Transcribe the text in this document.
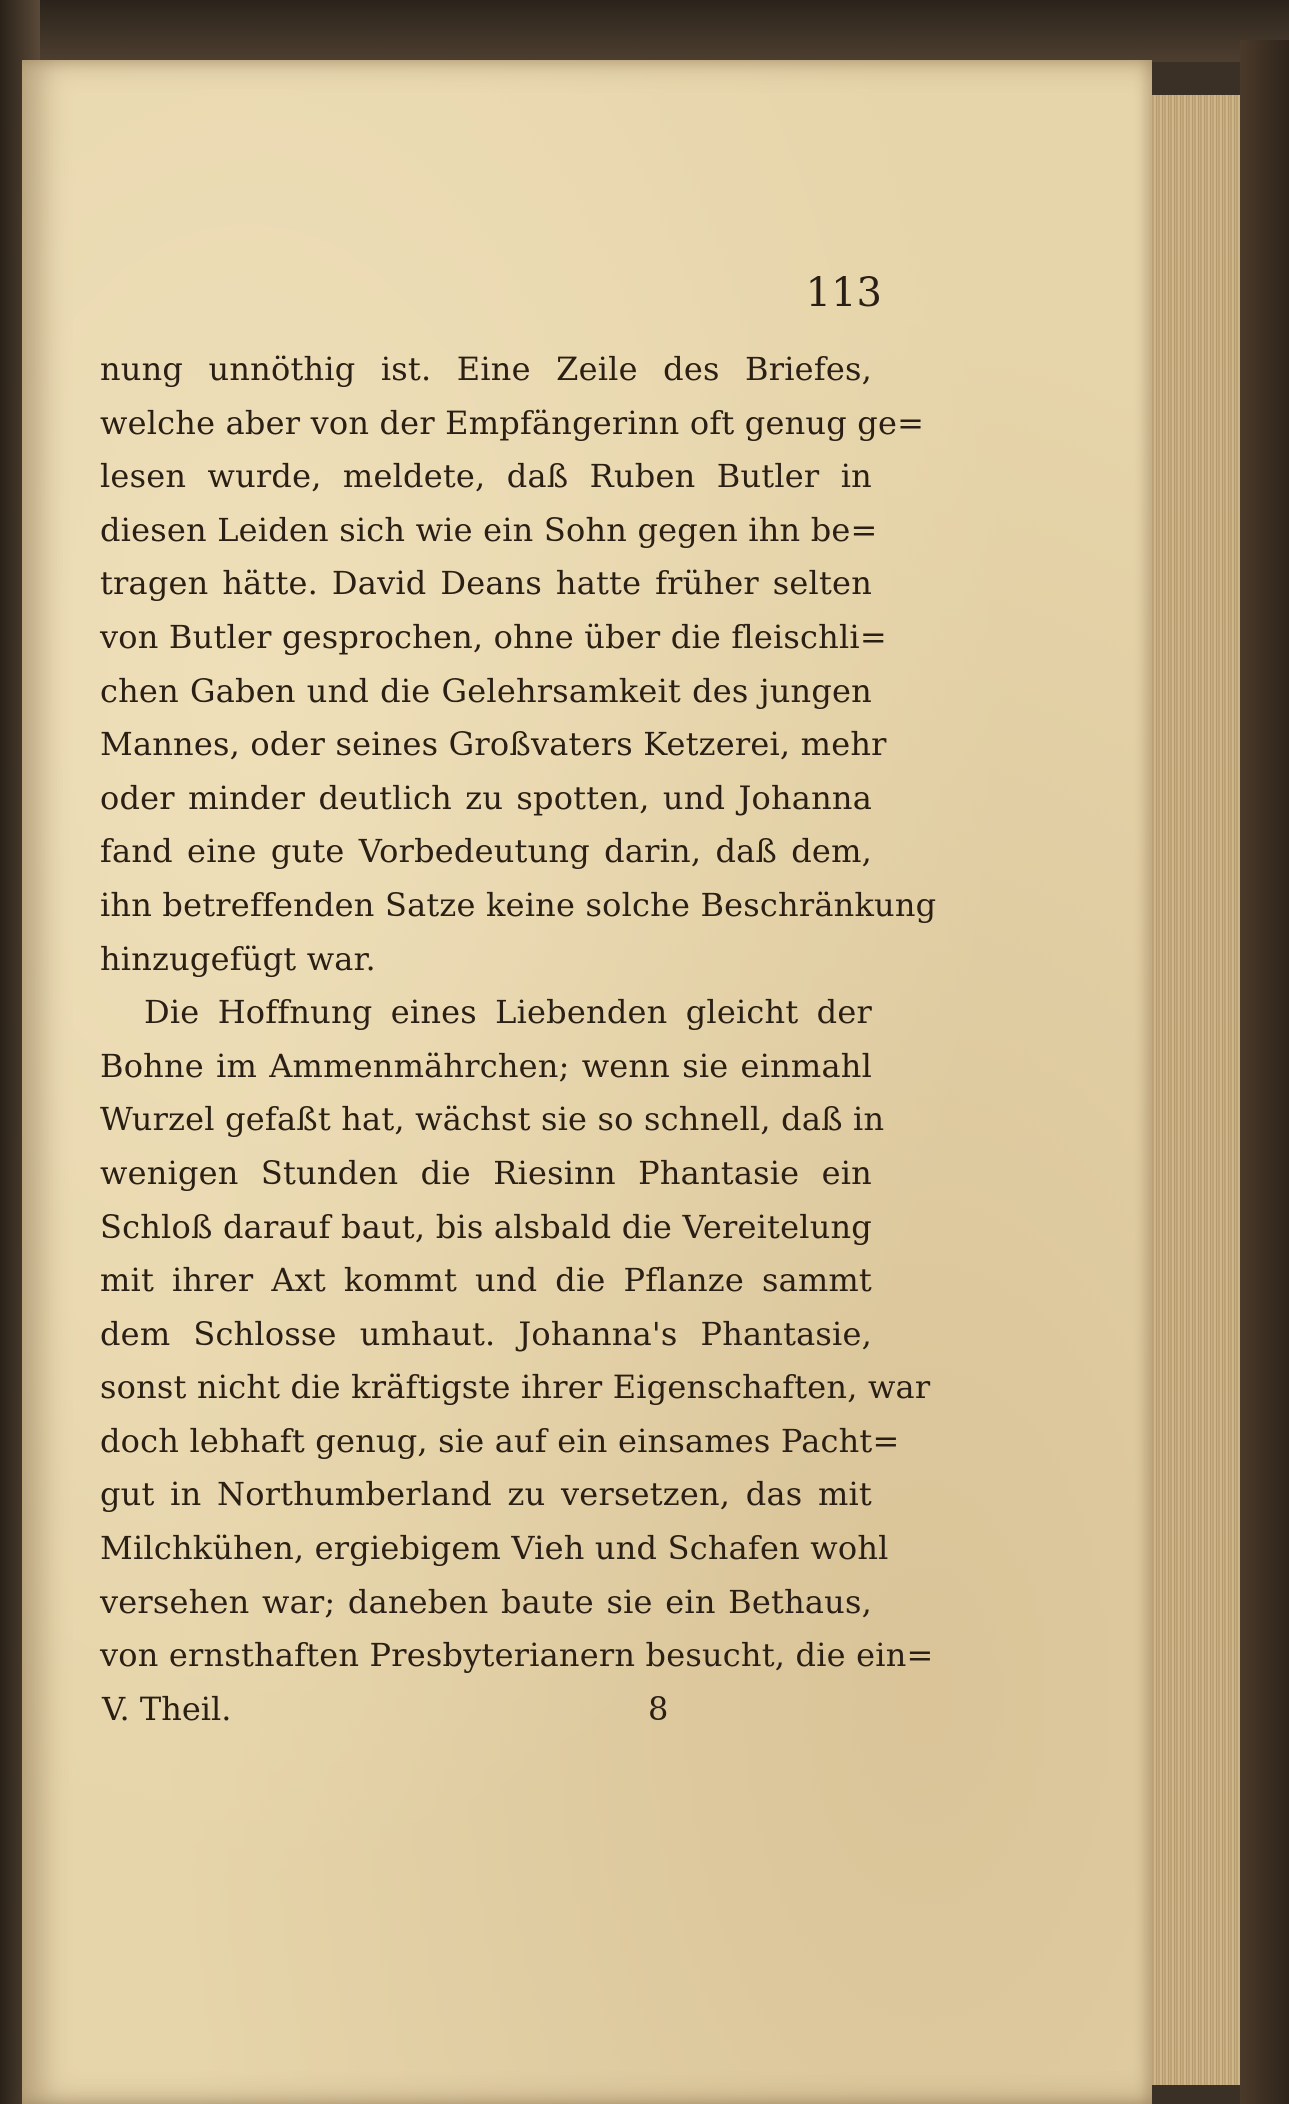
113
nung unnöthig ist. Eine Zeile des Briefes,
welche aber von der Empfängerinn oft genug ge=
lesen wurde, meldete, daß Ruben Butler in
diesen Leiden sich wie ein Sohn gegen ihn be=
tragen hätte. David Deans hatte früher selten
von Butler gesprochen, ohne über die fleischli=
chen Gaben und die Gelehrsamkeit des jungen
Mannes, oder seines Großvaters Ketzerei, mehr
oder minder deutlich zu spotten, und Johanna
fand eine gute Vorbedeutung darin, daß dem,
ihn betreffenden Satze keine solche Beschränkung
hinzugefügt war.
Die Hoffnung eines Liebenden gleicht der
Bohne im Ammenmährchen; wenn sie einmahl
Wurzel gefaßt hat, wächst sie so schnell, daß in
wenigen Stunden die Riesinn Phantasie ein
Schloß darauf baut, bis alsbald die Vereitelung
mit ihrer Axt kommt und die Pflanze sammt
dem Schlosse umhaut. Johanna's Phantasie,
sonst nicht die kräftigste ihrer Eigenschaften, war
doch lebhaft genug, sie auf ein einsames Pacht=
gut in Northumberland zu versetzen, das mit
Milchkühen, ergiebigem Vieh und Schafen wohl
versehen war; daneben baute sie ein Bethaus,
von ernsthaften Presbyterianern besucht, die ein=
V. Theil.	8
